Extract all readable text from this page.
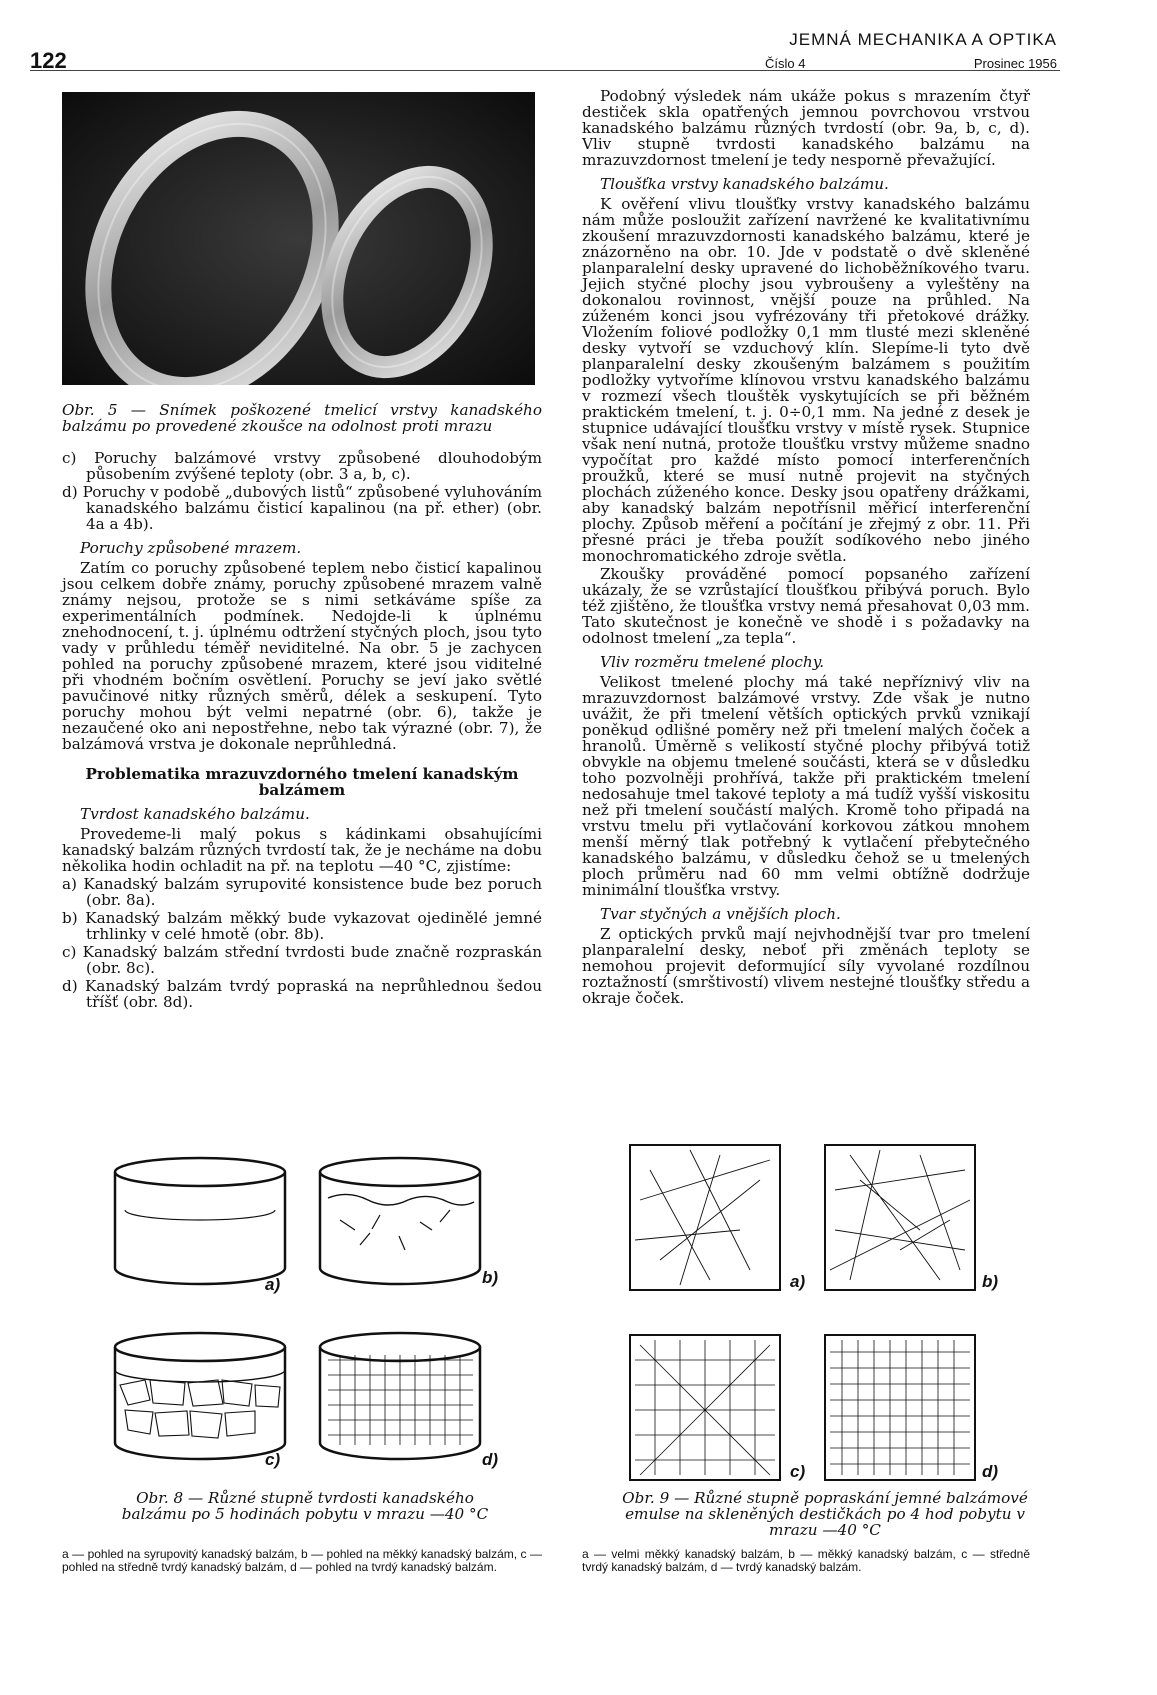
122
JEMNÁ MECHANIKA A OPTIKA
Číslo 4	Prosinec 1956

Obr. 5 — Snímek poškozené tmelicí vrstvy kanadského balzámu po provedené zkoušce na odolnost proti mrazu

c) Poruchy balzámové vrstvy způsobené dlouhodobým působením zvýšené teploty (obr. 3 a, b, c).

d) Poruchy v podobě „dubových listů“ způsobené vyluhováním kanadského balzámu čisticí kapalinou (na př. ether) (obr. 4a a 4b).

Poruchy způsobené mrazem.

Zatím co poruchy způsobené teplem nebo čisticí kapalinou jsou celkem dobře známy, poruchy způsobené mrazem valně známy nejsou, protože se s nimi setkáváme spíše za experimentálních podmínek. Nedojde-li k úplnému znehodnocení, t. j. úplnému odtržení styčných ploch, jsou tyto vady v průhledu téměř neviditelné. Na obr. 5 je zachycen pohled na poruchy způsobené mrazem, které jsou viditelné při vhodném bočním osvětlení. Poruchy se jeví jako světlé pavučinové nitky různých směrů, délek a seskupení. Tyto poruchy mohou být velmi nepatrné (obr. 6), takže je nezaučené oko ani nepostřehne, nebo tak výrazné (obr. 7), že balzámová vrstva je dokonale neprůhledná.

Problematika mrazuvzdorného tmelení kanadským balzámem

Tvrdost kanadského balzámu.

Provedeme-li malý pokus s kádinkami obsahujícími kanadský balzám různých tvrdostí tak, že je necháme na dobu několika hodin ochladit na př. na teplotu —40 °C, zjistíme:

a) Kanadský balzám syrupovité konsistence bude bez poruch (obr. 8a).

b) Kanadský balzám měkký bude vykazovat ojedinělé jemné trhlinky v celé hmotě (obr. 8b).

c) Kanadský balzám střední tvrdosti bude značně rozpraskán (obr. 8c).

d) Kanadský balzám tvrdý popraská na neprůhlednou šedou tříšť (obr. 8d).

Podobný výsledek nám ukáže pokus s mrazením čtyř destiček skla opatřených jemnou povrchovou vrstvou kanadského balzámu různých tvrdostí (obr. 9a, b, c, d). Vliv stupně tvrdosti kanadského balzámu na mrazuvzdornost tmelení je tedy nesporně převažující.

Tloušťka vrstvy kanadského balzámu.

K ověření vlivu tloušťky vrstvy kanadského balzámu nám může posloužit zařízení navržené ke kvalitativnímu zkoušení mrazuvzdornosti kanadského balzámu, které je znázorněno na obr. 10. Jde v podstatě o dvě skleněné planparalelní desky upravené do lichoběžníkového tvaru. Jejich styčné plochy jsou vybroušeny a vyleštěny na dokonalou rovinnost, vnější pouze na průhled. Na zúženém konci jsou vyfrézovány tři přetokové drážky. Vložením foliové podložky 0,1 mm tlusté mezi skleněné desky vytvoří se vzduchový klín. Slepíme-li tyto dvě planparalelní desky zkoušeným balzámem s použitím podložky vytvoříme klínovou vrstvu kanadského balzámu v rozmezí všech tlouštěk vyskytujících se při běžném praktickém tmelení, t. j. 0÷0,1 mm. Na jedné z desek je stupnice udávající tloušťku vrstvy v místě rysek. Stupnice však není nutná, protože tloušťku vrstvy můžeme snadno vypočítat pro každé místo pomocí interferenčních proužků, které se musí nutně projevit na styčných plochách zúženého konce. Desky jsou opatřeny drážkami, aby kanadský balzám nepotřísnil měřicí interferenční plochy. Způsob měření a počítání je zřejmý z obr. 11. Při přesné práci je třeba použít sodíkového nebo jiného monochromatického zdroje světla.

Zkoušky prováděné pomocí popsaného zařízení ukázaly, že se vzrůstající tloušťkou přibývá poruch. Bylo též zjištěno, že tloušťka vrstvy nemá přesahovat 0,03 mm. Tato skutečnost je konečně ve shodě i s požadavky na odolnost tmelení „za tepla“.

Vliv rozměru tmelené plochy.

Velikost tmelené plochy má také nepříznivý vliv na mrazuvzdornost balzámové vrstvy. Zde však je nutno uvážit, že při tmelení větších optických prvků vznikají poněkud odlišné poměry než při tmelení malých čoček a hranolů. Úměrně s velikostí styčné plochy přibývá totiž obvykle na objemu tmelené součásti, která se v důsledku toho pozvolněji prohřívá, takže při praktickém tmelení nedosahuje tmel takové teploty a má tudíž vyšší viskositu než při tmelení součástí malých. Kromě toho připadá na vrstvu tmelu při vytlačování korkovou zátkou mnohem menší měrný tlak potřebný k vytlačení přebytečného kanadského balzámu, v důsledku čehož se u tmelených ploch průměru nad 60 mm velmi obtížně dodržuje minimální tloušťka vrstvy.

Tvar styčných a vnějších ploch.

Z optických prvků mají nejvhodnější tvar pro tmelení planparalelní desky, neboť při změnách teploty se nemohou projevit deformující síly vyvolané rozdílnou roztažností (smrštivostí) vlivem nestejné tloušťky středu a okraje čoček.

a)	b)
c)	d)
Obr. 8 — Různé stupně tvrdosti kanadského balzámu po 5 hodinách pobytu v mrazu —40 °C
a — pohled na syrupovitý kanadský balzám, b — pohled na měkký kanadský balzám, c — pohled na středně tvrdý kanadský balzám, d — pohled na tvrdý kanadský balzám.
a)	b)
c)	d)
Obr. 9 — Různé stupně popraskání jemné balzámové emulse na skleněných destičkách po 4 hod pobytu v mrazu —40 °C
a — velmi měkký kanadský balzám, b — měkký kanadský balzám, c — středně tvrdý kanadský balzám, d — tvrdý kanadský balzám.
